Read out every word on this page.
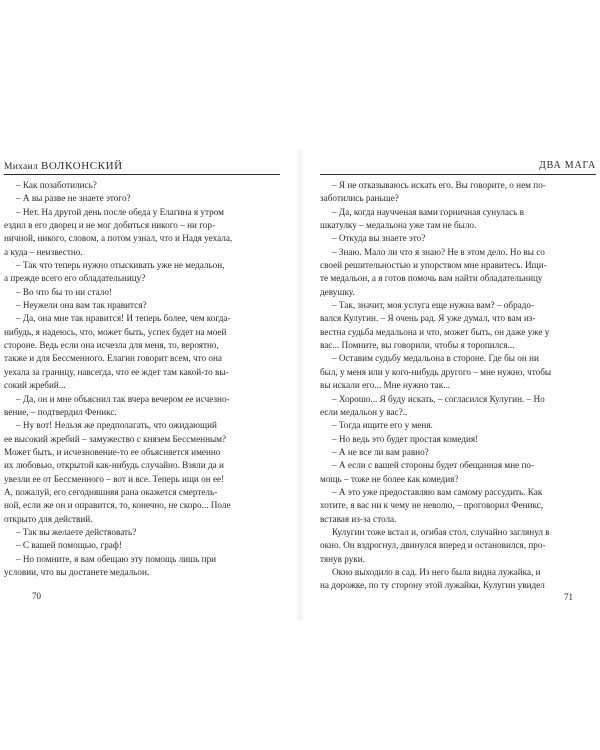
Михаил ВОЛКОНСКИЙ

– Как позаботились?

– А вы разве не знаете этого?

– Нет. На другой день после обеда у Елагина я утром

ездил в его дворец и не мог добиться никого – ни гор-

ничной, никого, словом, а потом узнал, что и Надя уехала,

а куда – неизвестно.

– Так что теперь нужно отыскивать уже не медальон,

а прежде всего его обладательницу?

– Во что бы то ни стало!

– Неужели она вам так нравится?

– Да, она мне так нравится! И теперь более, чем когда-

нибудь, я надеюсь, что, может быть, успех будет на моей

стороне. Ведь если она исчезла для меня, то, вероятно,

также и для Бессменного. Елагин говорит всем, что она

уехала за границу, навсегда, что ее ждет там какой-то вы-

сокий жребий...

– Да, он и мне объяснил так вчера вечером ее исчезно-

вение, – подтвердил Феникс.

– Ну вот! Нельзя же предполагать, что ожидающий

ее высокий жребий – замужество с князем Бессменным?

Может быть, и исчезновение-то ее объясняется именно

их любовью, открытой как-нибудь случайно. Взяли да и

увезли ее от Бессменного – вот и все. Теперь ищи он ее!

А, пожалуй, его сегодняшняя рана окажется смертель-

ной, если же он и оправится, то, конечно, не скоро... Поле

открыто для действий.

– Так вы желаете действовать?

– С вашей помощью, граф!

– Но помните, я вам обещаю эту помощь лишь при

условии, что вы достанете медальон.

ДВА МАГА

– Я не отказываюсь искать его. Вы говорите, о нем по-

заботились раньше?

– Да, когда научченая вами горничная сунулась в

шкатулку – медальона уже там не было.

– Откуда вы знаете это?

– Знаю. Мало ли что я знаю? Не в этом дело. Но вы со

своей решительностью и упорством мне нравитесь. Ищи-

те медальон, а я готов помочь вам найти обладательницу

девушку.

– Так, значит, моя услуга еще нужна вам? – обрадо-

вался Кулугин. – Я очень рад. Я уже думал, что вам из-

вестна судьба медальона и что, может быть, он даже уже у

вас... Помните, вы говорили, чтобы я торопился...

– Оставим судьбу медальона в стороне. Где бы он ни

был, у меня или у кого-нибудь другого – мне нужно, чтобы

вы искали его... Мне нужно так...

– Хорошо... Я буду искать, – согласился Кулугин. – Но

если медальон у вас?..

– Тогда ищите его у меня.

– Но ведь это будет простая комедия!

– А не все ли вам равно?

– А если с вашей стороны будет обещанная мне по-

мощь – тоже не более как комедия?

– А это уже предоставляю вам самому рассудить. Как

хотите, я вас ни к чему не неволю, – проговорил Феникс,

вставая из-за стола.

Кулугин тоже встал и, огибая стол, случайно заглянул в

окно. Он вздрогнул, двинулся вперед и остановился, про-

тянув руки.

Окно выходило в сад. Из него была видна лужайка, и

на дорожке, по ту сторону этой лужайки, Кулугин увидел

70	71
